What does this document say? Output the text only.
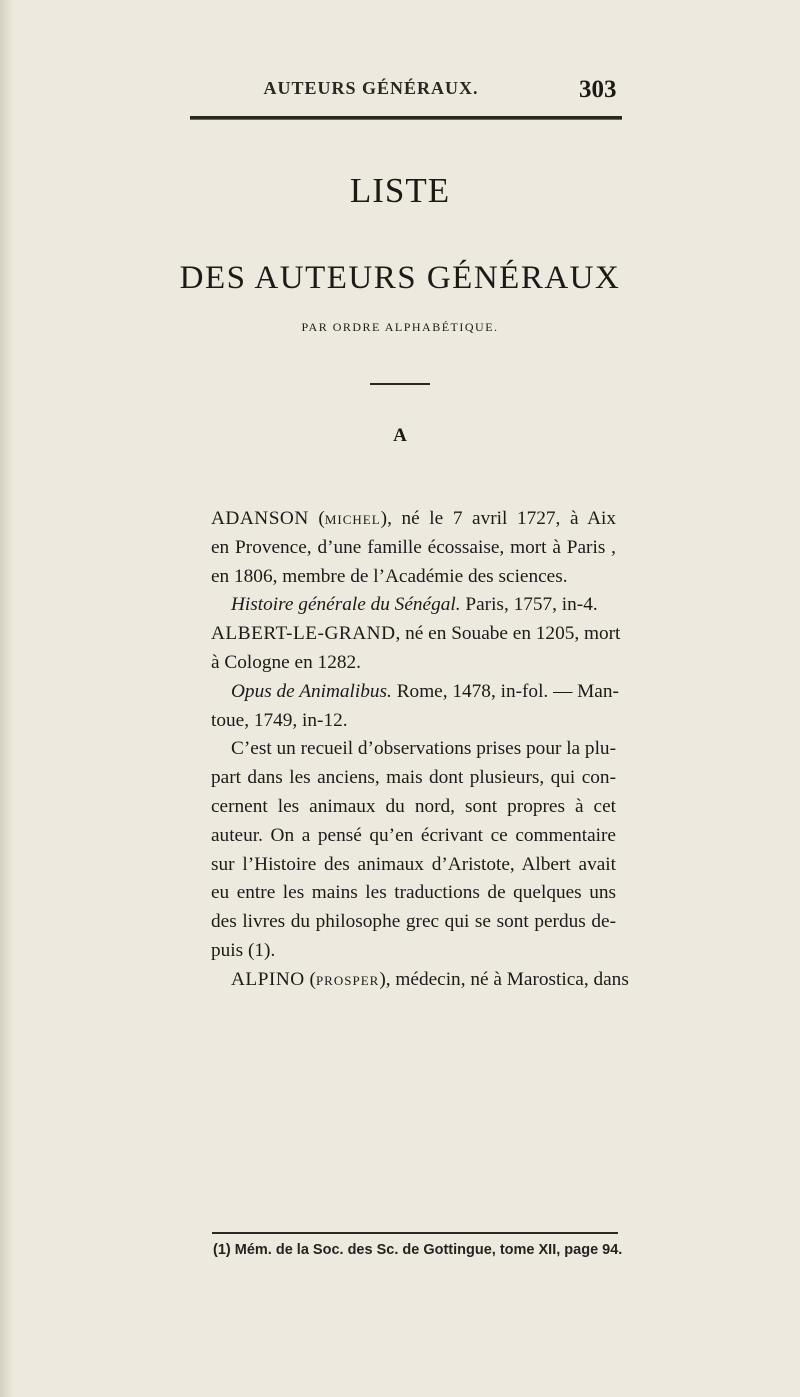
AUTEURS GÉNÉRAUX.	303
LISTE
DES AUTEURS GÉNÉRAUX
PAR ORDRE ALPHABÉTIQUE.
A
ADANSON (MICHEL), né le 7 avril 1727, à Aix
en Provence, d’une famille écossaise, mort à Paris ,
en 1806, membre de l’Académie des sciences.
Histoire générale du Sénégal. Paris, 1757, in-4.
ALBERT-LE-GRAND, né en Souabe en 1205, mort
à Cologne en 1282.
Opus de Animalibus. Rome, 1478, in-fol. — Man-
toue, 1749, in-12.
C’est un recueil d’observations prises pour la plu-
part dans les anciens, mais dont plusieurs, qui con-
cernent les animaux du nord, sont propres à cet
auteur. On a pensé qu’en écrivant ce commentaire
sur l’Histoire des animaux d’Aristote, Albert avait
eu entre les mains les traductions de quelques uns
des livres du philosophe grec qui se sont perdus de-
puis (1).
ALPINO (PROSPER), médecin, né à Marostica, dans
(1) Mém. de la Soc. des Sc. de Gottingue, tome XII, page 94.
